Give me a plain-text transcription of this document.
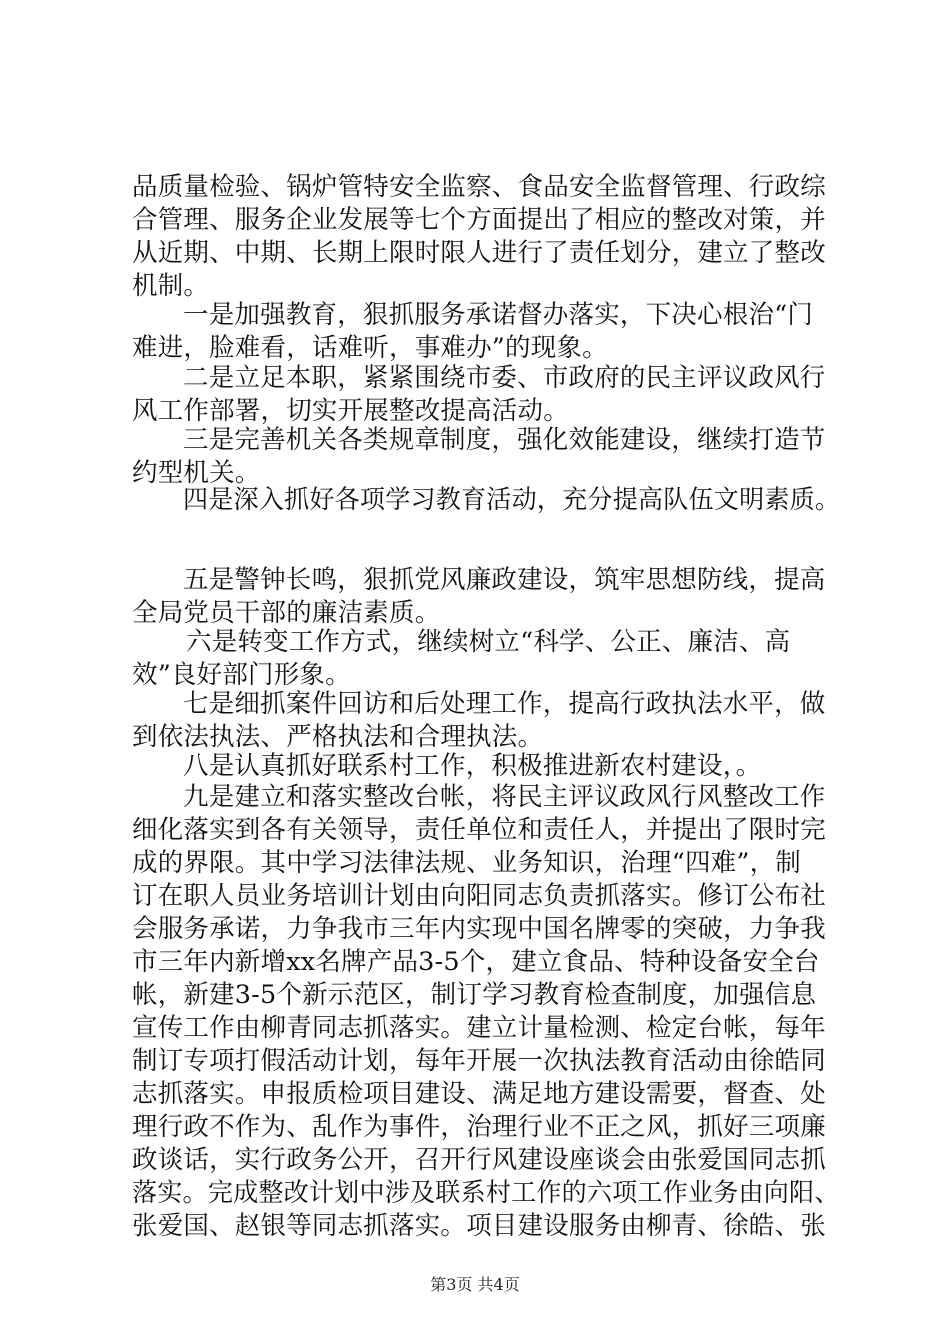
品质量检验、锅炉管特安全监察、食品安全监督管理、行政综
合管理、服务企业发展等七个方面提出了相应的整改对策，并
从近期、中期、长期上限时限人进行了责任划分，建立了整改
机制。
一是加强教育，狠抓服务承诺督办落实，下决心根治“门
难进，脸难看，话难听，事难办”的现象。
二是立足本职，紧紧围绕市委、市政府的民主评议政风行
风工作部署，切实开展整改提高活动。
三是完善机关各类规章制度，强化效能建设，继续打造节
约型机关。
四是深入抓好各项学习教育活动，充分提高队伍文明素质。
五是警钟长鸣，狠抓党风廉政建设，筑牢思想防线，提高
全局党员干部的廉洁素质。
六是转变工作方式，继续树立“科学、公正、廉洁、高
效”良好部门形象。
七是细抓案件回访和后处理工作，提高行政执法水平，做
到依法执法、严格执法和合理执法。
八是认真抓好联系村工作，积极推进新农村建设，。
九是建立和落实整改台帐，将民主评议政风行风整改工作
细化落实到各有关领导，责任单位和责任人，并提出了限时完
成的界限。其中学习法律法规、业务知识，治理“四难”，制
订在职人员业务培训计划由向阳同志负责抓落实。修订公布社
会服务承诺，力争我市三年内实现中国名牌零的突破，力争我
市三年内新增xx名牌产品3-5个，建立食品、特种设备安全台
帐，新建3-5个新示范区，制订学习教育检查制度，加强信息
宣传工作由柳青同志抓落实。建立计量检测、检定台帐，每年
制订专项打假活动计划，每年开展一次执法教育活动由徐皓同
志抓落实。申报质检项目建设、满足地方建设需要，督查、处
理行政不作为、乱作为事件，治理行业不正之风，抓好三项廉
政谈话，实行政务公开，召开行风建设座谈会由张爱国同志抓
落实。完成整改计划中涉及联系村工作的六项工作业务由向阳、
张爱国、赵银等同志抓落实。项目建设服务由柳青、徐皓、张
第3页 共4页
